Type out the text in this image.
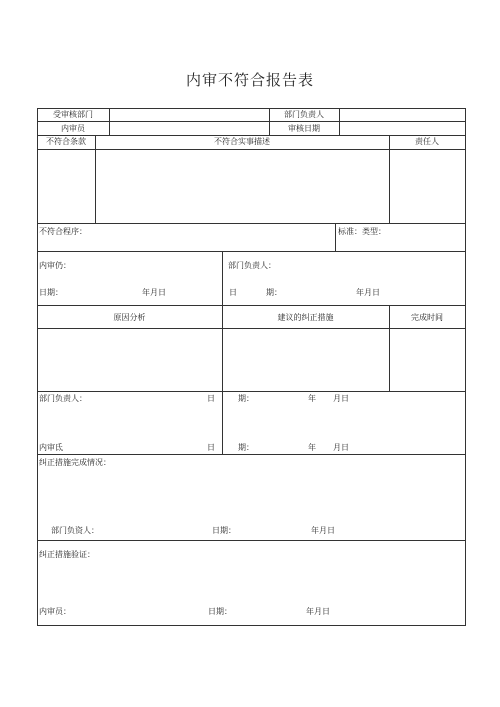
内审不符合报告表
受审核部门	部门负责人
内审员	审核日期
不符合条款	不符合实事描述	责任人
不符合程序：	标准：类型：
内审仍：	部门负责人：
日期：	年月日	日	期：	年月日
原因分析	建议的纠正措施	完成时间
部门负责人：	日	期：	年 月日
内审氐	日	期：	年 月日
纠正措施完成情况：
部门负资人：	日期：	年月日
纠正措施验证：
内审员：	日期：	年月日
